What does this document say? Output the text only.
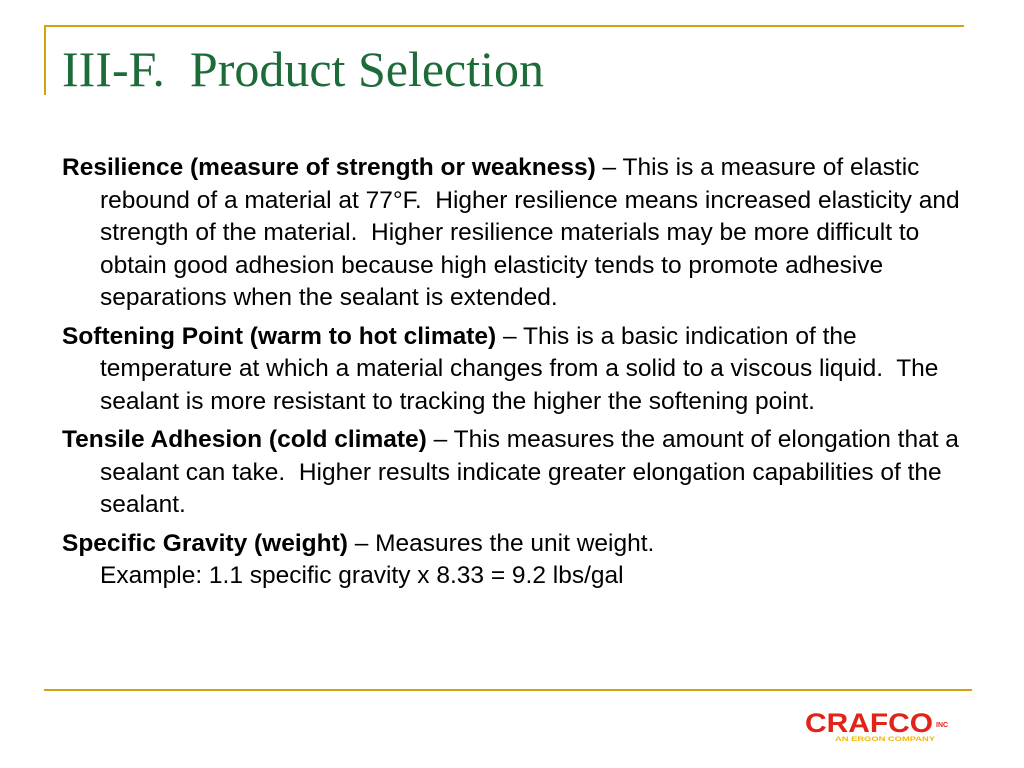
III-F.  Product Selection

Resilience (measure of strength or weakness) – This is a measure of elastic rebound of a material at 77°F.  Higher resilience means increased elasticity and strength of the material.  Higher resilience materials may be more difficult to obtain good adhesion because high elasticity tends to promote adhesive separations when the sealant is extended.

Softening Point (warm to hot climate) – This is a basic indication of the temperature at which a material changes from a solid to a viscous liquid.  The sealant is more resistant to tracking the higher the softening point.

Tensile Adhesion (cold climate) – This measures the amount of elongation that a sealant can take.  Higher results indicate greater elongation capabilities of the sealant.

Specific Gravity (weight) – Measures the unit weight.
Example: 1.1 specific gravity x 8.33 = 9.2 lbs/gal

CRAFCO INC
AN ERGON COMPANY
